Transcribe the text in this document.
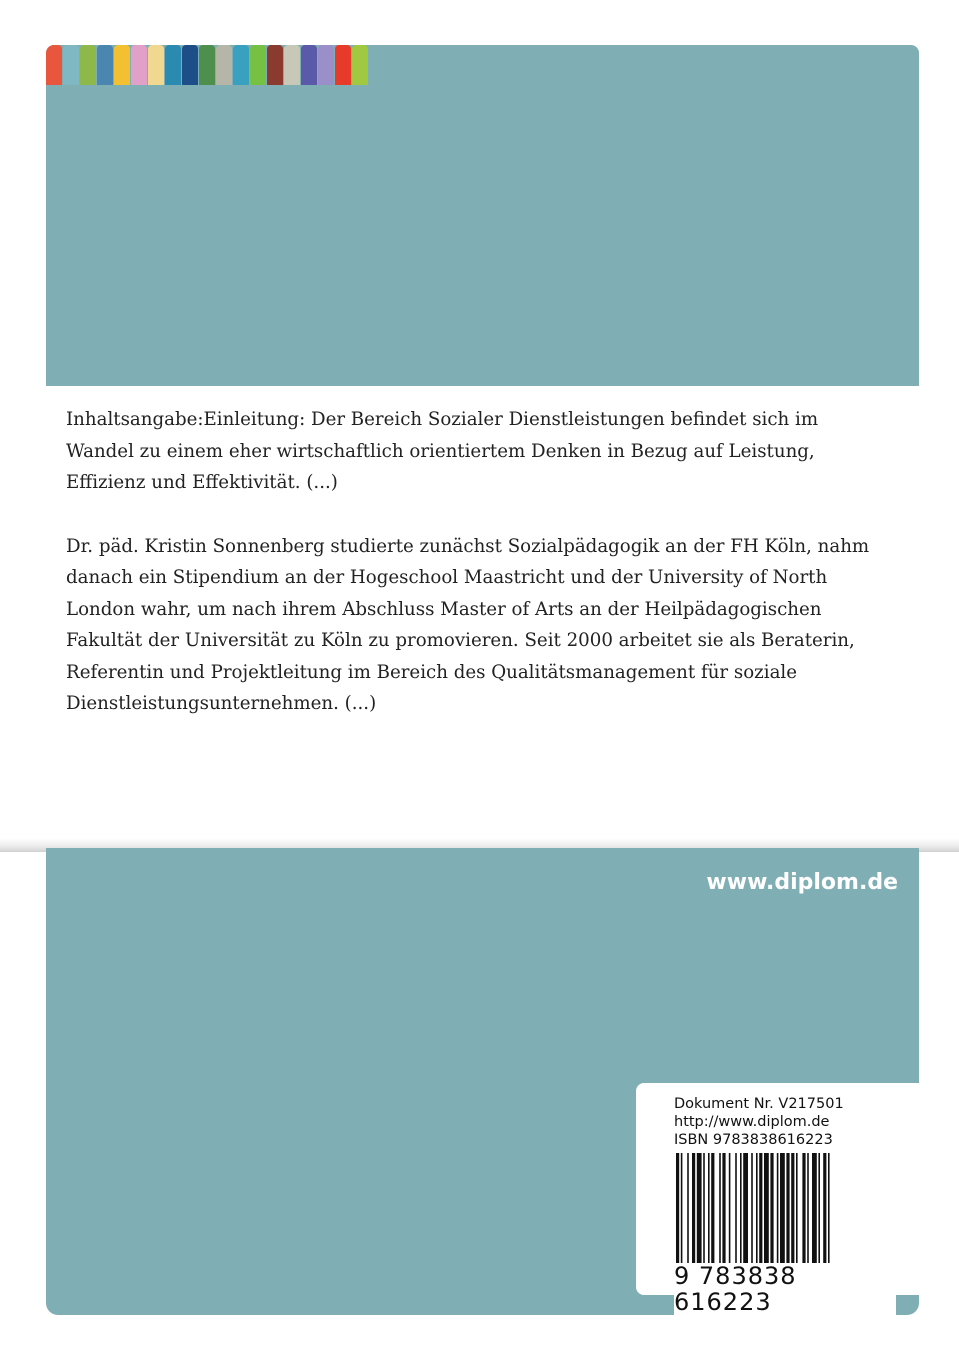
Inhaltsangabe:Einleitung: Der Bereich Sozialer Dienstleistungen befindet sich im Wandel zu einem eher wirtschaftlich orientiertem Denken in Bezug auf Leistung, Effizienz und Effektivität. (...)

Dr. päd. Kristin Sonnenberg studierte zunächst Sozialpädagogik an der FH Köln, nahm danach ein Stipendium an der Hogeschool Maastricht und der University of North London wahr, um nach ihrem Abschluss Master of Arts an der Heilpädagogischen Fakultät der Universität zu Köln zu promovieren. Seit 2000 arbeitet sie als Beraterin, Referentin und Projektleitung im Bereich des Qualitätsmanagement für soziale Dienstleistungsunternehmen. (...)

www.diplom.de
Dokument Nr. V217501
http://www.diplom.de
ISBN 9783838616223
9 783838 616223
